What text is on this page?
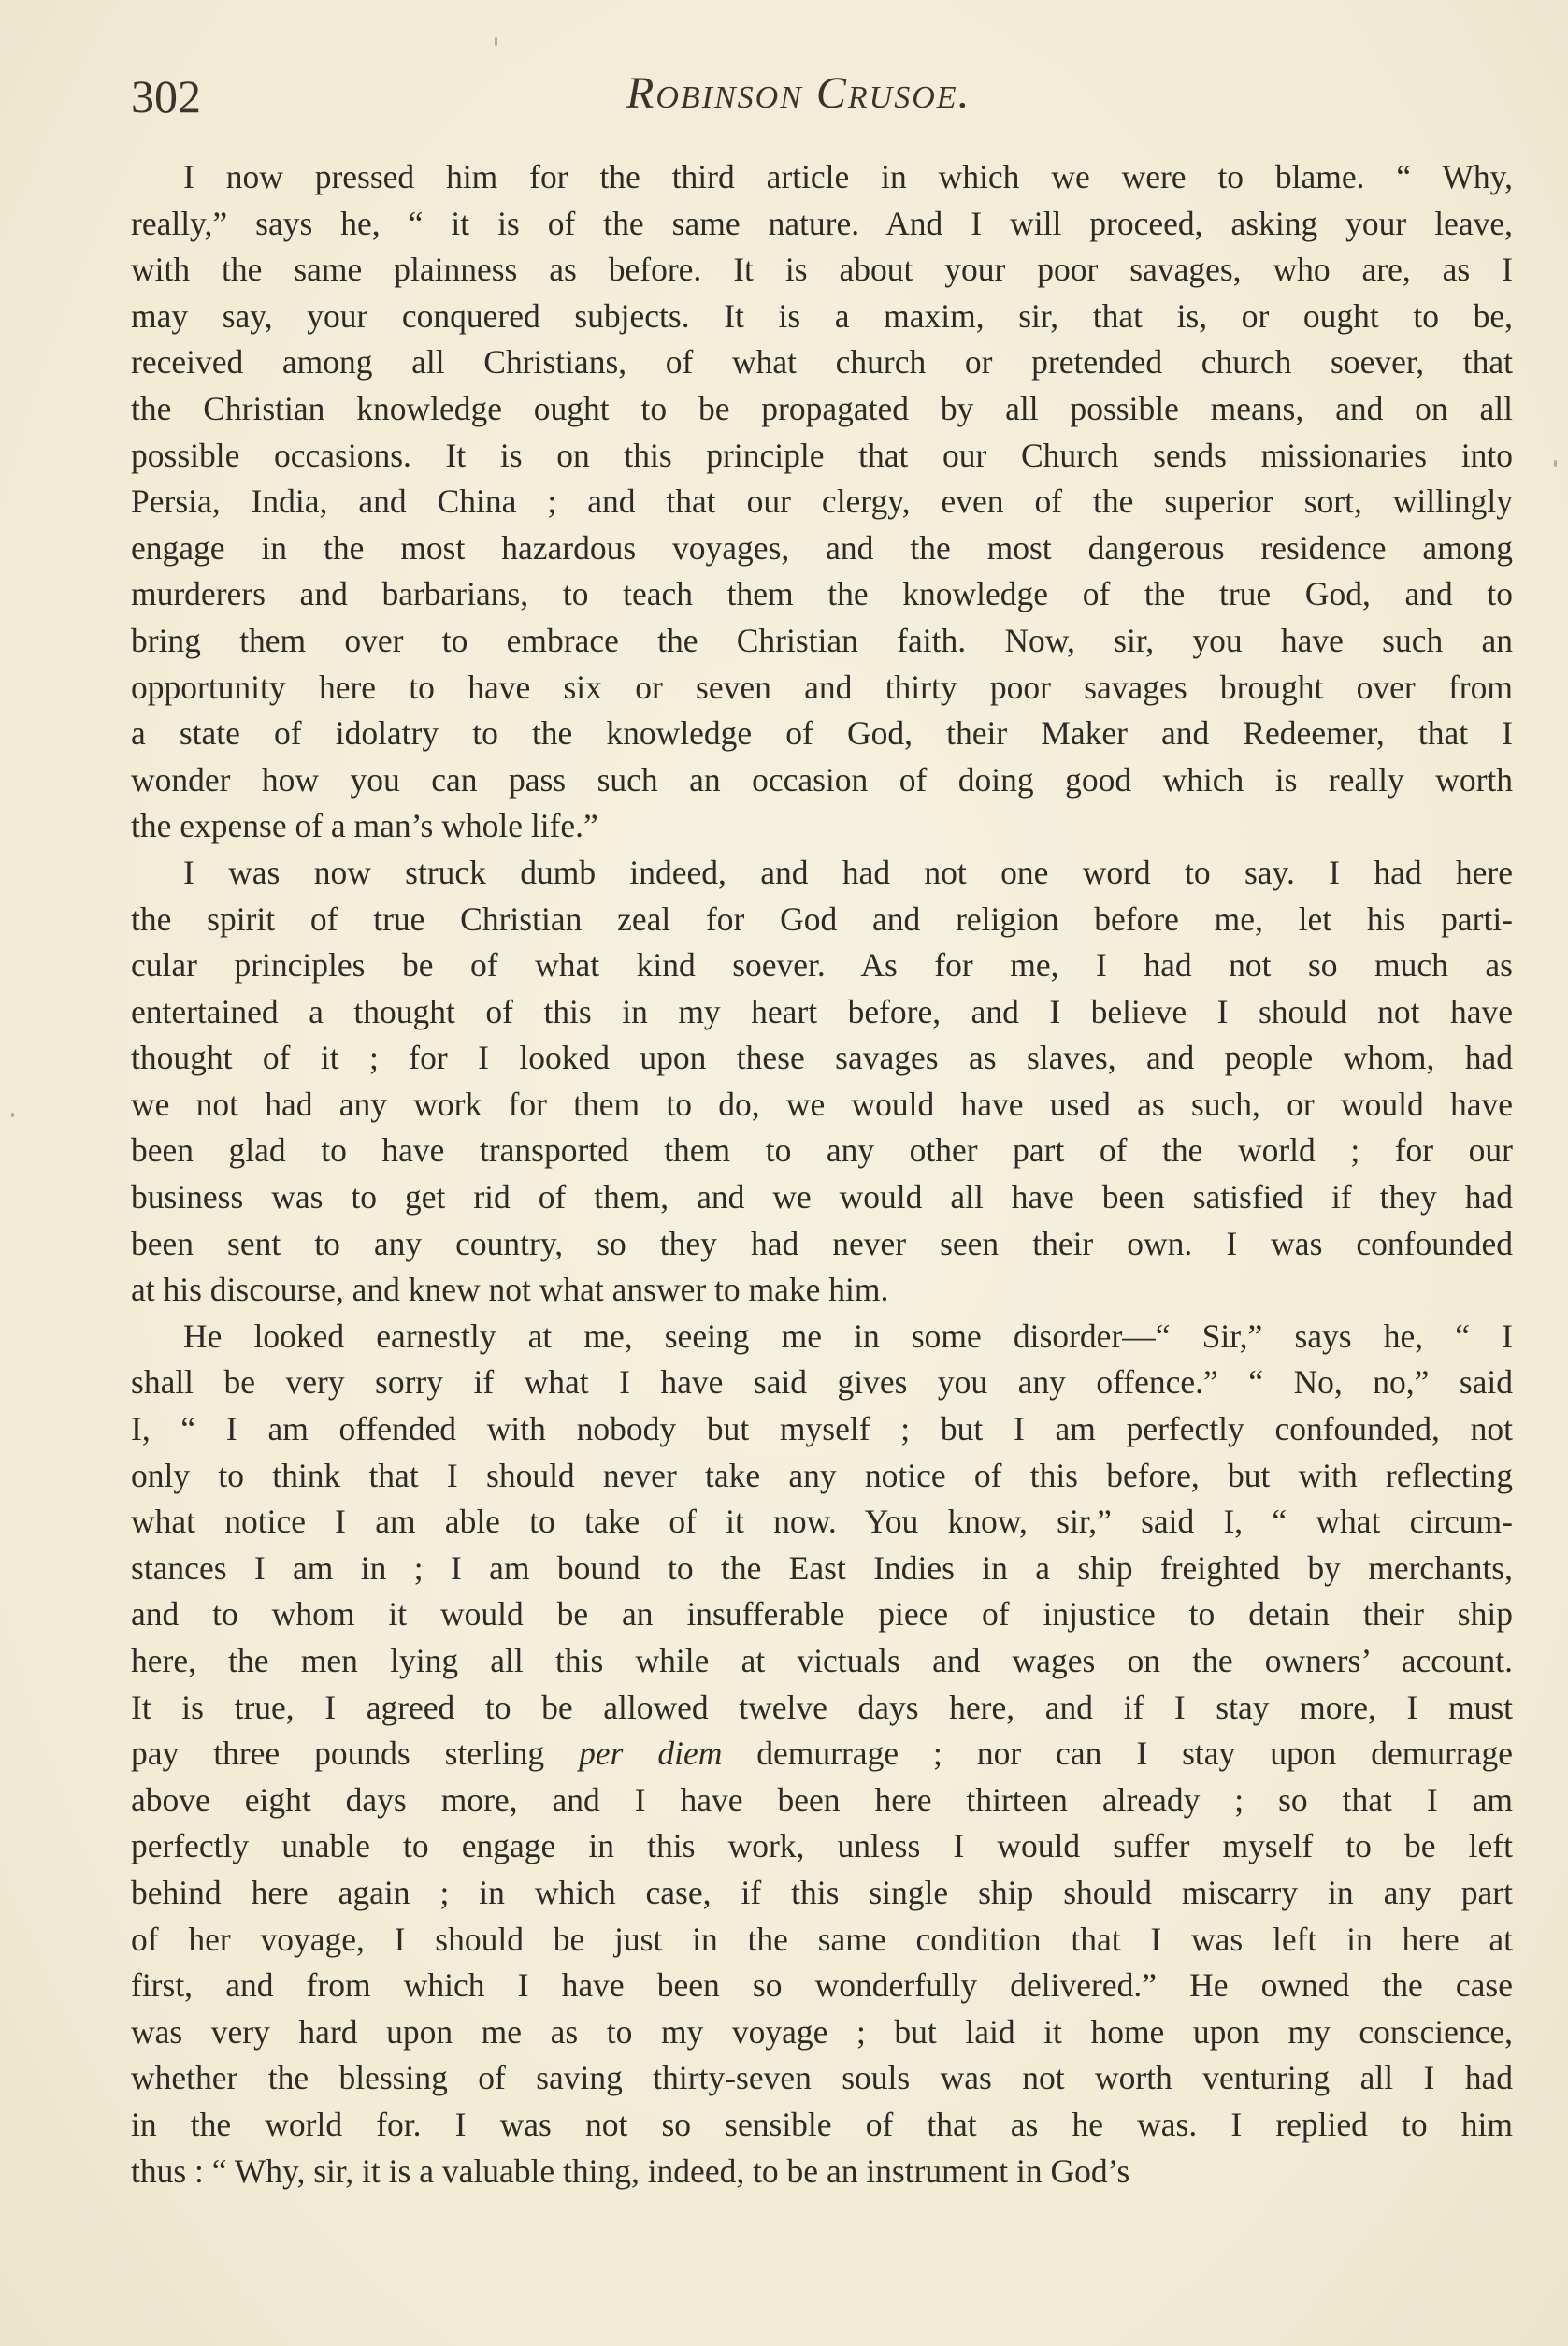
302	Robinson Crusoe.
I now pressed him for the third article in which we were to blame. “ Why,
really,” says he, “ it is of the same nature. And I will proceed, asking your leave,
with the same plainness as before. It is about your poor savages, who are, as I
may say, your conquered subjects. It is a maxim, sir, that is, or ought to be,
received among all Christians, of what church or pretended church soever, that
the Christian knowledge ought to be propagated by all possible means, and on all
possible occasions. It is on this principle that our Church sends missionaries into
Persia, India, and China ; and that our clergy, even of the superior sort, willingly
engage in the most hazardous voyages, and the most dangerous residence among
murderers and barbarians, to teach them the knowledge of the true God, and to
bring them over to embrace the Christian faith. Now, sir, you have such an
opportunity here to have six or seven and thirty poor savages brought over from
a state of idolatry to the knowledge of God, their Maker and Redeemer, that I
wonder how you can pass such an occasion of doing good which is really worth
the expense of a man’s whole life.”
I was now struck dumb indeed, and had not one word to say. I had here
the spirit of true Christian zeal for God and religion before me, let his parti-
cular principles be of what kind soever. As for me, I had not so much as
entertained a thought of this in my heart before, and I believe I should not have
thought of it ; for I looked upon these savages as slaves, and people whom, had
we not had any work for them to do, we would have used as such, or would have
been glad to have transported them to any other part of the world ; for our
business was to get rid of them, and we would all have been satisfied if they had
been sent to any country, so they had never seen their own. I was confounded
at his discourse, and knew not what answer to make him.
He looked earnestly at me, seeing me in some disorder—“ Sir,” says he, “ I
shall be very sorry if what I have said gives you any offence.” “ No, no,” said
I, “ I am offended with nobody but myself ; but I am perfectly confounded, not
only to think that I should never take any notice of this before, but with reflecting
what notice I am able to take of it now. You know, sir,” said I, “ what circum-
stances I am in ; I am bound to the East Indies in a ship freighted by merchants,
and to whom it would be an insufferable piece of injustice to detain their ship
here, the men lying all this while at victuals and wages on the owners’ account.
It is true, I agreed to be allowed twelve days here, and if I stay more, I must
pay three pounds sterling per diem demurrage ; nor can I stay upon demurrage
above eight days more, and I have been here thirteen already ; so that I am
perfectly unable to engage in this work, unless I would suffer myself to be left
behind here again ; in which case, if this single ship should miscarry in any part
of her voyage, I should be just in the same condition that I was left in here at
first, and from which I have been so wonderfully delivered.” He owned the case
was very hard upon me as to my voyage ; but laid it home upon my conscience,
whether the blessing of saving thirty-seven souls was not worth venturing all I had
in the world for. I was not so sensible of that as he was. I replied to him
thus : “ Why, sir, it is a valuable thing, indeed, to be an instrument in God’s
